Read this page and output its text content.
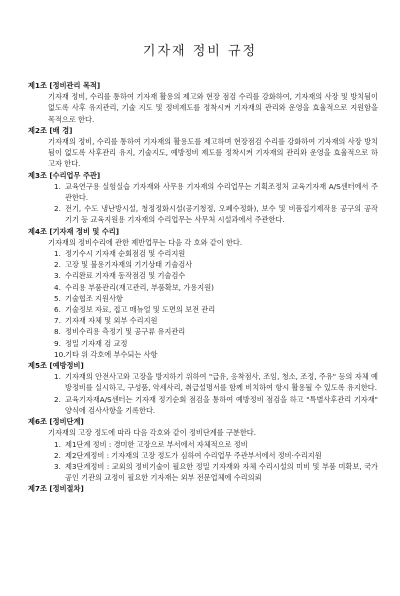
기자재 정비 규정
제1조 [정비관리 목적]
기자재 정비, 수리를 통하여 기자재 활용의 제고와 현장 점검 수리를 강화하여, 기자재의 사장 및 방치됨이 없도록 사후 유지관리, 기술 지도 및 정비제도를 정착시켜 기자재의 관리와 운영을 효율적으로 지원함을 목적으로 한다.
제2조 [배 경]
기자재의 정비, 수리를 통하여 기자재의 활용도를 제고하며 현장점검 수리를 강화하여 기자재의 사장 방치됨이 없도록 사후관리 유지, 기술지도, 예방정비 제도를 정착시켜 기자재의 관리와 운영을 효율적으로 하고자 한다.
제3조 [수리업무 주관]
1. 교육연구용 실험실습 기자재와 사무용 기자재의 수리업무는 기획조정처 교육기자재 A/S센터에서 주관한다.
2. 전기, 수도 냉난방시설, 청정정화시설(공기청정, 오폐수정화), 보수 및 비품집기제작용 공구의 공작기기 등 교육지원용 기자재의 수리업무는 사무처 시설과에서 주관한다.
제4조 [기자재 정비 및 수리]
기자재의 정비수리에 관한 제반업무는 다음 각 호와 같이 한다.
1. 정기수시 기자재 순회점검 및 수리지원
2. 고장 및 불용기자재의 기기상태 기술검사
3. 수리완료 기자재 동작점검 및 기술검수
4. 수리용 부품관리(재고관리, 부품확보, 가용지원)
5. 기술협조 지원사항
6. 기술정보 자료, 접고 매뉴얼 및 도면의 보전 관리
7. 기자재 자체 및 외부 수리지원
8. 정비수리용 측정기 및 공구류 유지관리
9. 정밀 기자재 검 교정
10. 기타 위 각호에 부수되는 사항
제5조 [예방정비]
1. 기자재의 안전사고와 고장을 방지하기 위하여 "급유, 응착점사, 조임, 청소, 조정, 주유" 등의 자체 예방정비를 실시하고, 구성품, 악세사리, 취급설명서를 함께 비치하여 항시 활용될 수 있도록 유지한다.
2. 교육기자재A/S센터는 기자재 정기순회 점검을 통하여 예방정비 점검을 하고 "특별사후관리 기자재" 양식에 검사사항을 기록한다.
제6조 [정비단계]
기자재의 고장 정도에 따라 다음 각호와 같이 정비단계를 구분한다.
1. 제1단계 정비 : 경미한 고장으로 부서에서 자체적으로 정비
2. 제2단계정비 : 기자재의 고장 정도가 심하여 수리업무 주관부서에서 정비·수리지원
3. 제3단계정비 : 교외의 정비기술이 필요한 정밀 기자재와 자체 수리시설의 미비 및 부품 미확보, 국가공인 기관의 교정이 필요한 기자재는 외부 전문업체에 수리의뢰
제7조 [정비절차]
